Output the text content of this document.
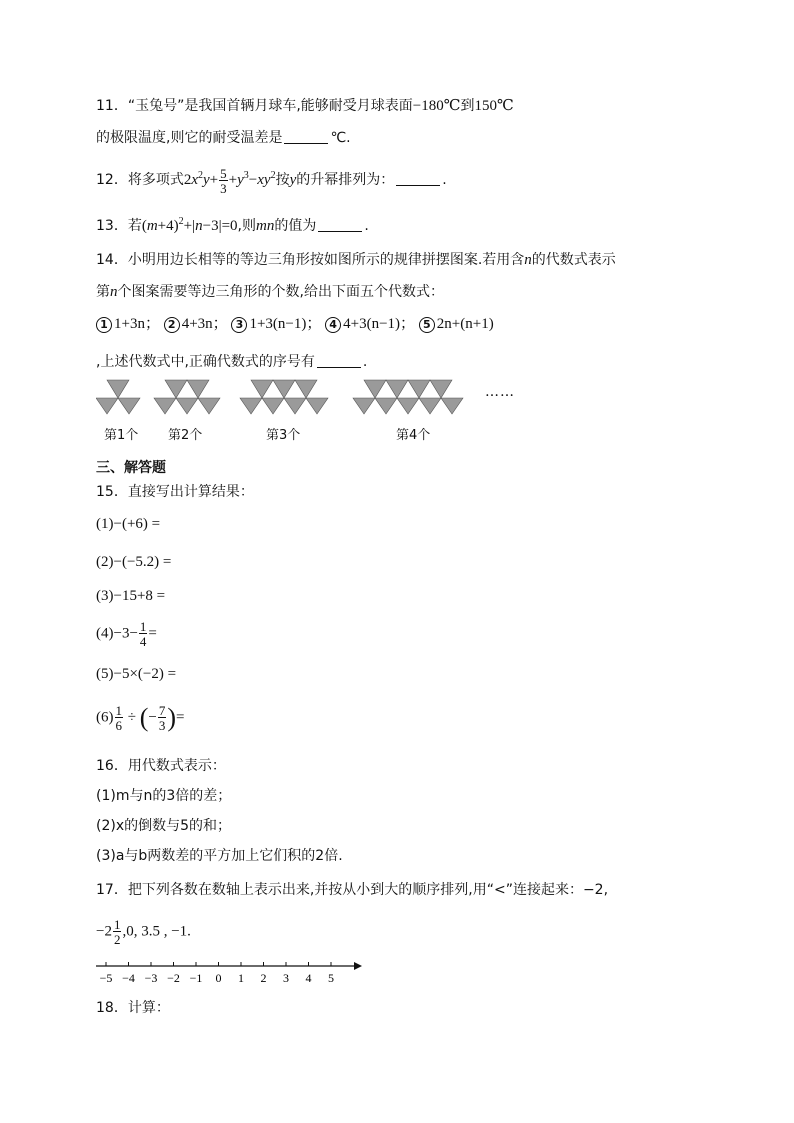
11．“玉兔号”是我国首辆月球车,能够耐受月球表面−180℃到150℃
的极限温度,则它的耐受温差是	℃.
12．将多项式$2x^2y+ \frac{5}{3} +y^3-xy^2$按y的升幂排列为：	.
13．若$(m+4)^2+|n-3|=0$,则mn的值为	.
14．小明用边长相等的等边三角形按如图所示的规律拼摆图案.若用含n的代数式表示
第n个图案需要等边三角形的个数,给出下面五个代数式：
1 1+3n； 2 4+3n； 3 1+3(n−1)； 4 4+3(n−1)； 5 2n+(n+1)
,上述代数式中,正确代数式的序号有	.
……
第1个 第2个	第3个	第4个
三、解答题
15．直接写出计算结果：
(1)−(+6) =
(2)−(−5.2) =
(3)−15+8 =
$(4)-3- \frac{1}{4}$ =
(5)−5×(−2) =
$(6) \frac{1}{6}$ ÷ (− $\frac{7}{3}$ )=
16．用代数式表示：
(1)m与n的3倍的差；
(2)x的倒数与5的和；
(3)a与b两数差的平方加上它们积的2倍.
17．把下列各数在数轴上表示出来,并按从小到大的顺序排列,用“<”连接起来：−2,
$-2 \frac{1}{2} ,0$, 3.5 , −1.
−5 −4 −3 −2 −1 0 1 2 3 4 5
18．计算：
